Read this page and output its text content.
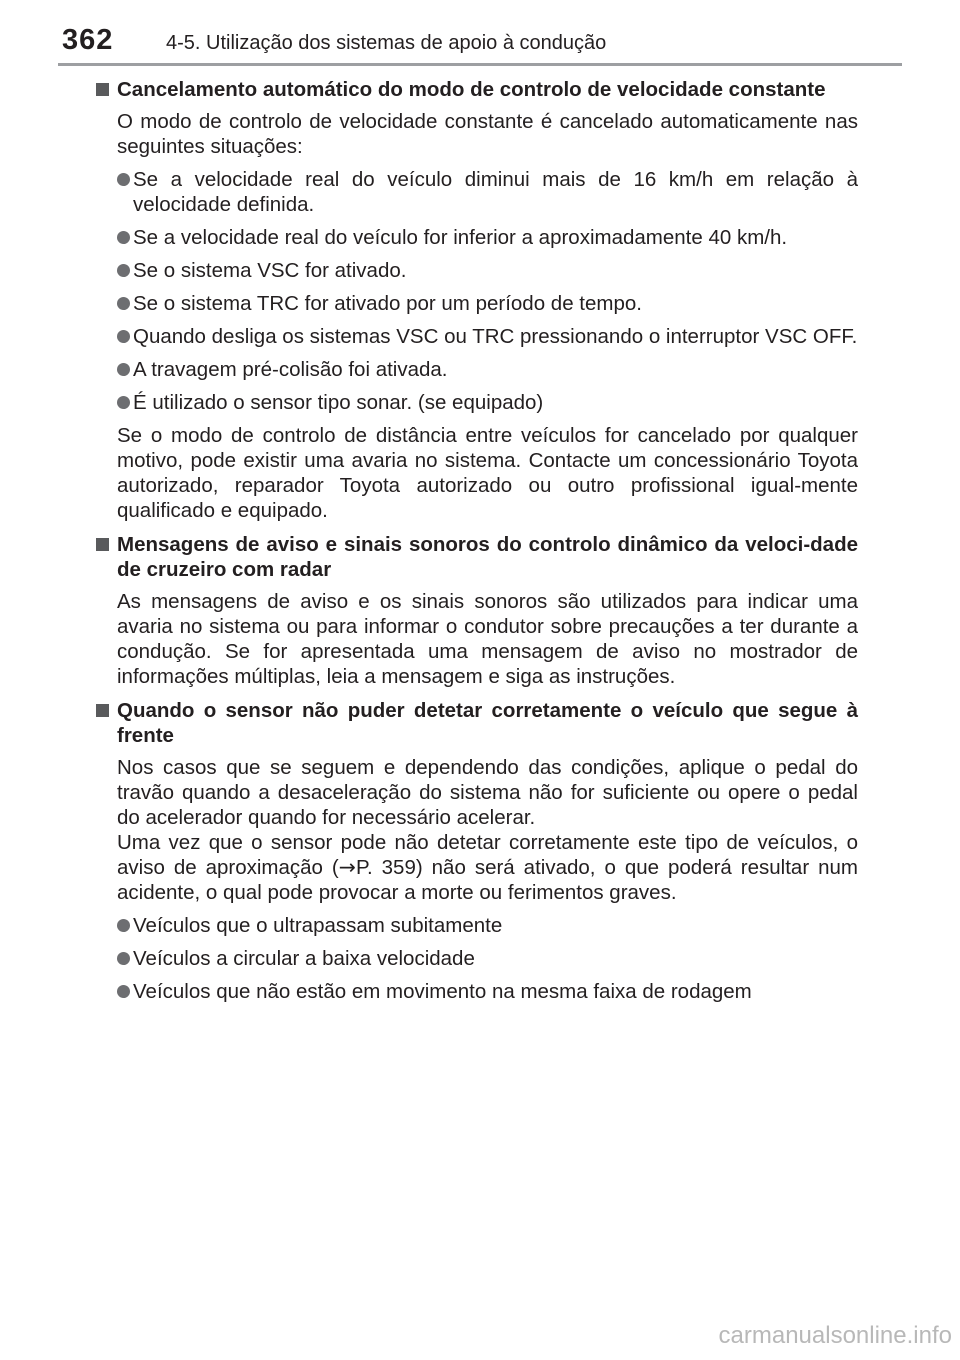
362	4-5. Utilização dos sistemas de apoio à condução
Cancelamento automático do modo de controlo de velocidade constante
O modo de controlo de velocidade constante é cancelado automaticamente nas seguintes situações:
Se a velocidade real do veículo diminui mais de 16 km/h em relação à velocidade definida.
Se a velocidade real do veículo for inferior a aproximadamente 40 km/h.
Se o sistema VSC for ativado.
Se o sistema TRC for ativado por um período de tempo.
Quando desliga os sistemas VSC ou TRC pressionando o interruptor VSC OFF.
A travagem pré-colisão foi ativada.
É utilizado o sensor tipo sonar. (se equipado)
Se o modo de controlo de distância entre veículos for cancelado por qualquer motivo, pode existir uma avaria no sistema. Contacte um concessionário Toyota autorizado, reparador Toyota autorizado ou outro profissional igual-mente qualificado e equipado.
Mensagens de aviso e sinais sonoros do controlo dinâmico da veloci-dade de cruzeiro com radar
As mensagens de aviso e os sinais sonoros são utilizados para indicar uma avaria no sistema ou para informar o condutor sobre precauções a ter durante a condução. Se for apresentada uma mensagem de aviso no mostrador de informações múltiplas, leia a mensagem e siga as instruções.
Quando o sensor não puder detetar corretamente o veículo que segue à frente
Nos casos que se seguem e dependendo das condições, aplique o pedal do travão quando a desaceleração do sistema não for suficiente ou opere o pedal do acelerador quando for necessário acelerar.
Uma vez que o sensor pode não detetar corretamente este tipo de veículos, o aviso de aproximação (→P. 359) não será ativado, o que poderá resultar num acidente, o qual pode provocar a morte ou ferimentos graves.
Veículos que o ultrapassam subitamente
Veículos a circular a baixa velocidade
Veículos que não estão em movimento na mesma faixa de rodagem
carmanualsonline.info
